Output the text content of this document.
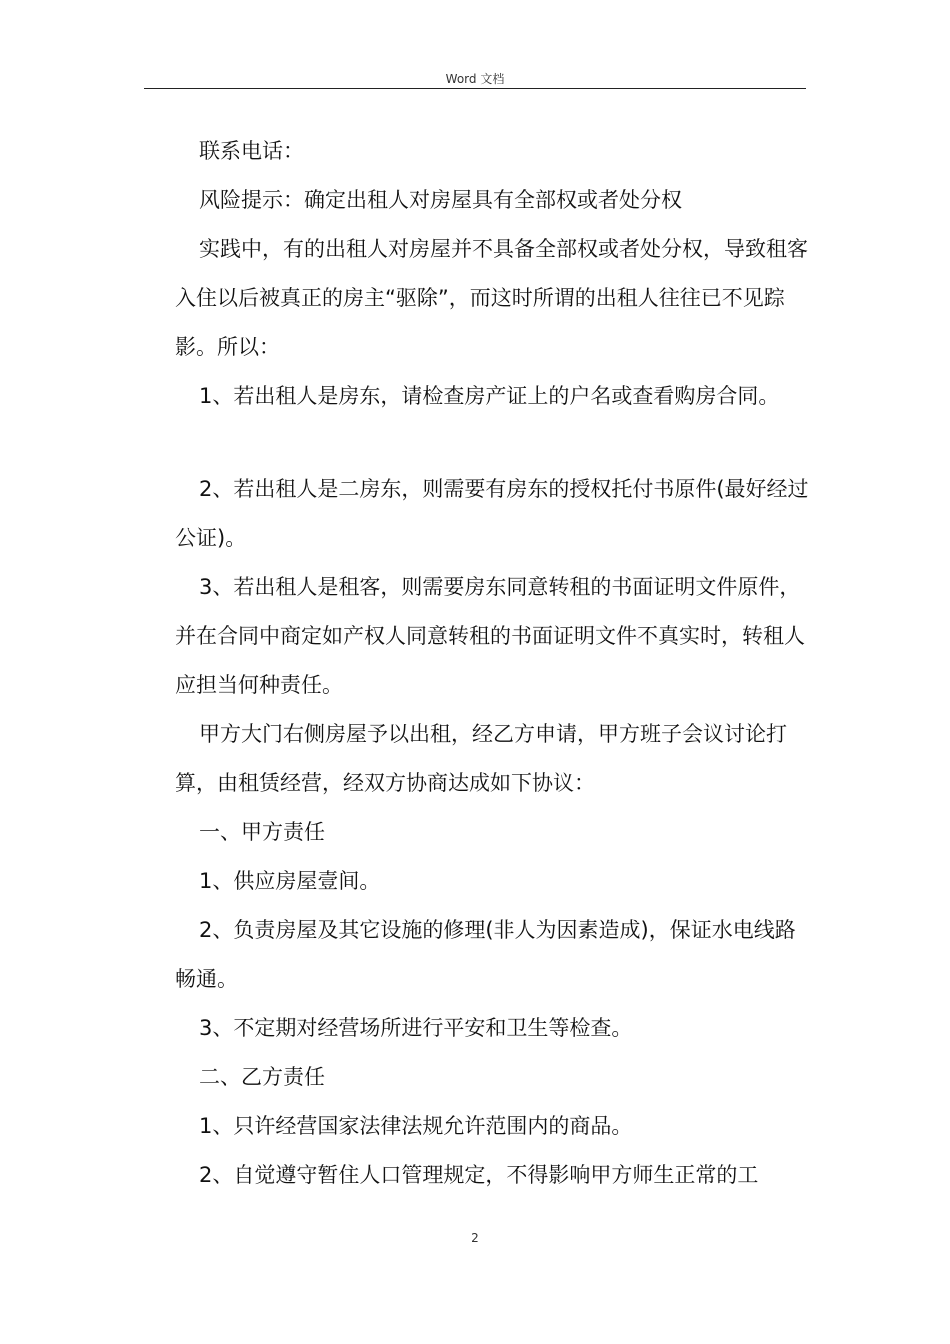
Word 文档

联系电话：

风险提示：确定出租人对房屋具有全部权或者处分权

实践中，有的出租人对房屋并不具备全部权或者处分权，导致租客入住以后被真正的房主“驱除”，而这时所谓的出租人往往已不见踪影。所以：

1、若出租人是房东，请检查房产证上的户名或查看购房合同。

2、若出租人是二房东，则需要有房东的授权托付书原件(最好经过公证)。

3、若出租人是租客，则需要房东同意转租的书面证明文件原件，并在合同中商定如产权人同意转租的书面证明文件不真实时，转租人应担当何种责任。

甲方大门右侧房屋予以出租，经乙方申请，甲方班子会议讨论打算，由租赁经营，经双方协商达成如下协议：

一、甲方责任

1、供应房屋壹间。

2、负责房屋及其它设施的修理(非人为因素造成)，保证水电线路畅通。

3、不定期对经营场所进行平安和卫生等检查。

二、乙方责任

1、只许经营国家法律法规允许范围内的商品。

2、自觉遵守暂住人口管理规定，不得影响甲方师生正常的工

2
